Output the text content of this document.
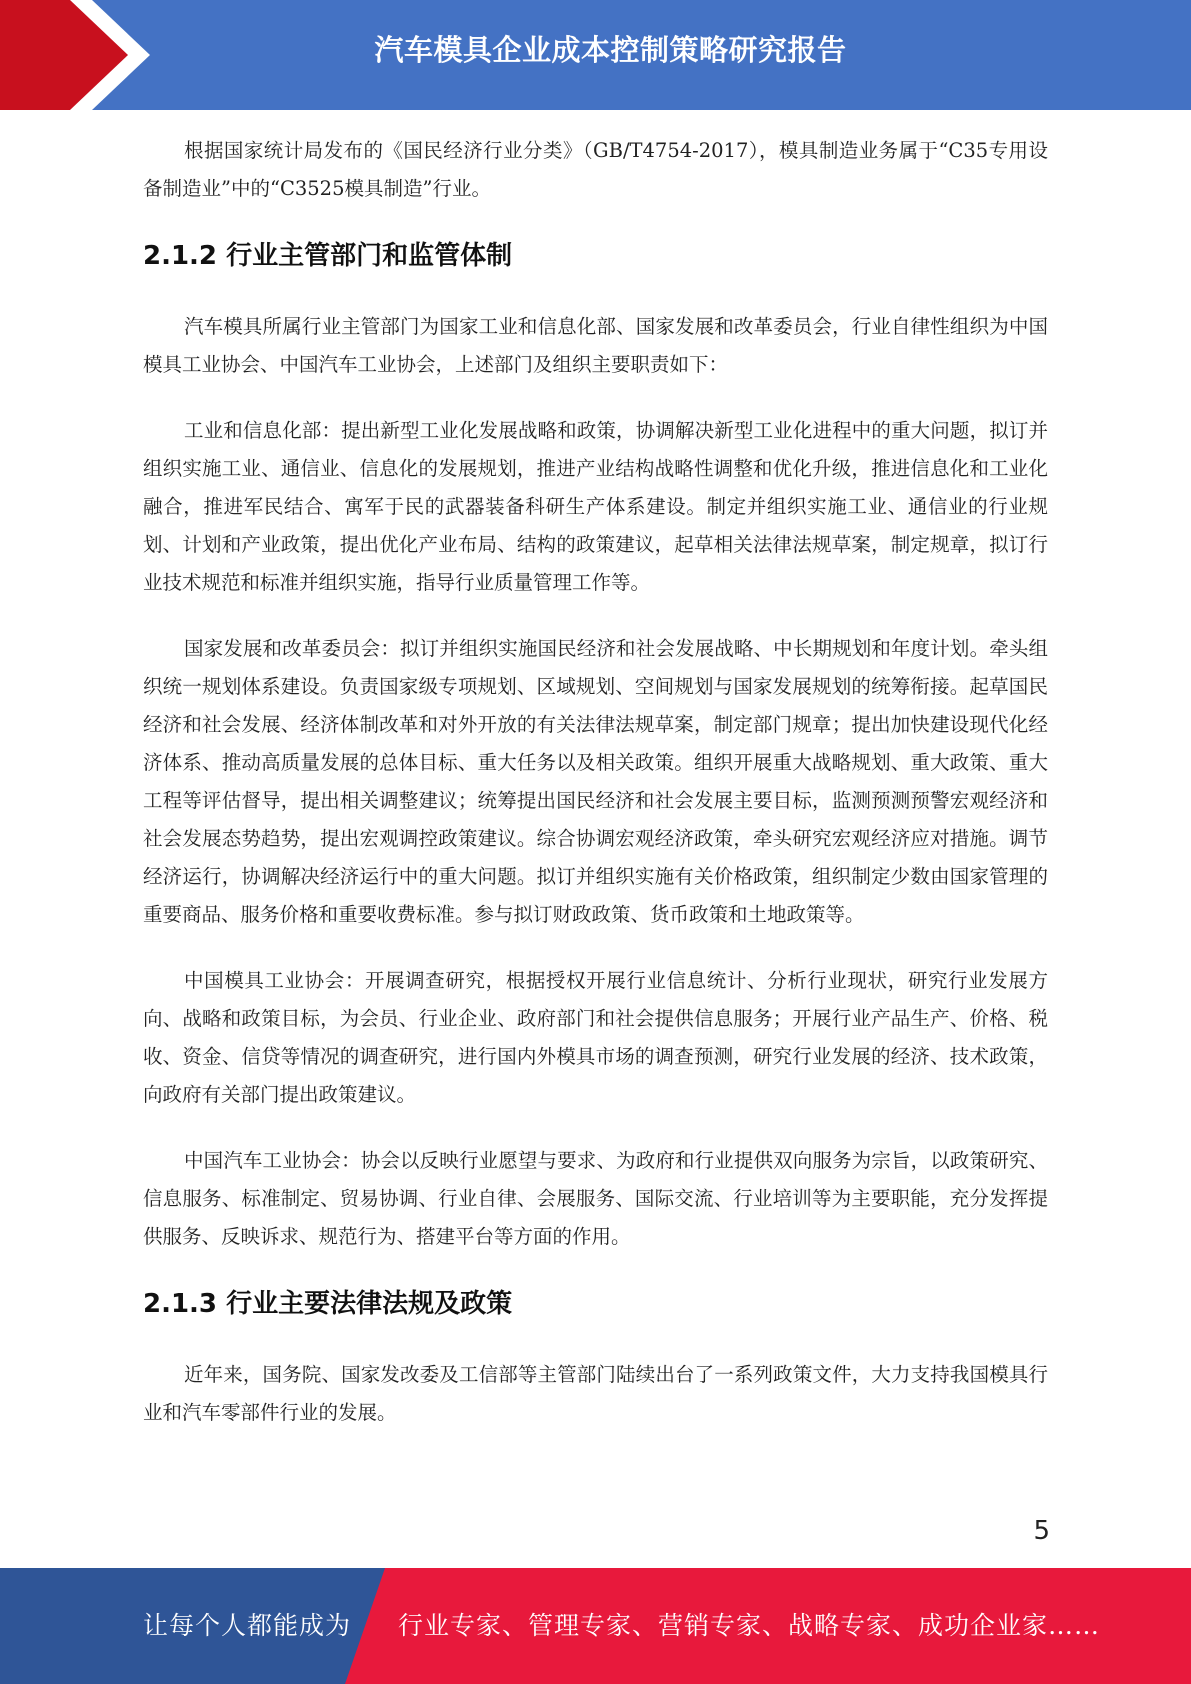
汽车模具企业成本控制策略研究报告

根据国家统计局发布的《国民经济行业分类》（GB/T4754-2017），模具制造业务属于“C35专用设备制造业”中的“C3525模具制造”行业。

2.1.2 行业主管部门和监管体制

汽车模具所属行业主管部门为国家工业和信息化部、国家发展和改革委员会，行业自律性组织为中国模具工业协会、中国汽车工业协会，上述部门及组织主要职责如下：

工业和信息化部：提出新型工业化发展战略和政策，协调解决新型工业化进程中的重大问题，拟订并组织实施工业、通信业、信息化的发展规划，推进产业结构战略性调整和优化升级，推进信息化和工业化融合，推进军民结合、寓军于民的武器装备科研生产体系建设。制定并组织实施工业、通信业的行业规划、计划和产业政策，提出优化产业布局、结构的政策建议，起草相关法律法规草案，制定规章，拟订行业技术规范和标准并组织实施，指导行业质量管理工作等。

国家发展和改革委员会：拟订并组织实施国民经济和社会发展战略、中长期规划和年度计划。牵头组织统一规划体系建设。负责国家级专项规划、区域规划、空间规划与国家发展规划的统筹衔接。起草国民经济和社会发展、经济体制改革和对外开放的有关法律法规草案，制定部门规章；提出加快建设现代化经济体系、推动高质量发展的总体目标、重大任务以及相关政策。组织开展重大战略规划、重大政策、重大工程等评估督导，提出相关调整建议；统筹提出国民经济和社会发展主要目标，监测预测预警宏观经济和社会发展态势趋势，提出宏观调控政策建议。综合协调宏观经济政策，牵头研究宏观经济应对措施。调节经济运行，协调解决经济运行中的重大问题。拟订并组织实施有关价格政策，组织制定少数由国家管理的重要商品、服务价格和重要收费标准。参与拟订财政政策、货币政策和土地政策等。

中国模具工业协会：开展调查研究，根据授权开展行业信息统计、分析行业现状，研究行业发展方向、战略和政策目标，为会员、行业企业、政府部门和社会提供信息服务；开展行业产品生产、价格、税收、资金、信贷等情况的调查研究，进行国内外模具市场的调查预测，研究行业发展的经济、技术政策，向政府有关部门提出政策建议。

中国汽车工业协会：协会以反映行业愿望与要求、为政府和行业提供双向服务为宗旨，以政策研究、信息服务、标准制定、贸易协调、行业自律、会展服务、国际交流、行业培训等为主要职能，充分发挥提供服务、反映诉求、规范行为、搭建平台等方面的作用。

2.1.3 行业主要法律法规及政策

近年来，国务院、国家发改委及工信部等主管部门陆续出台了一系列政策文件，大力支持我国模具行业和汽车零部件行业的发展。

5
让每个人都能成为 行业专家、管理专家、营销专家、战略专家、成功企业家……
